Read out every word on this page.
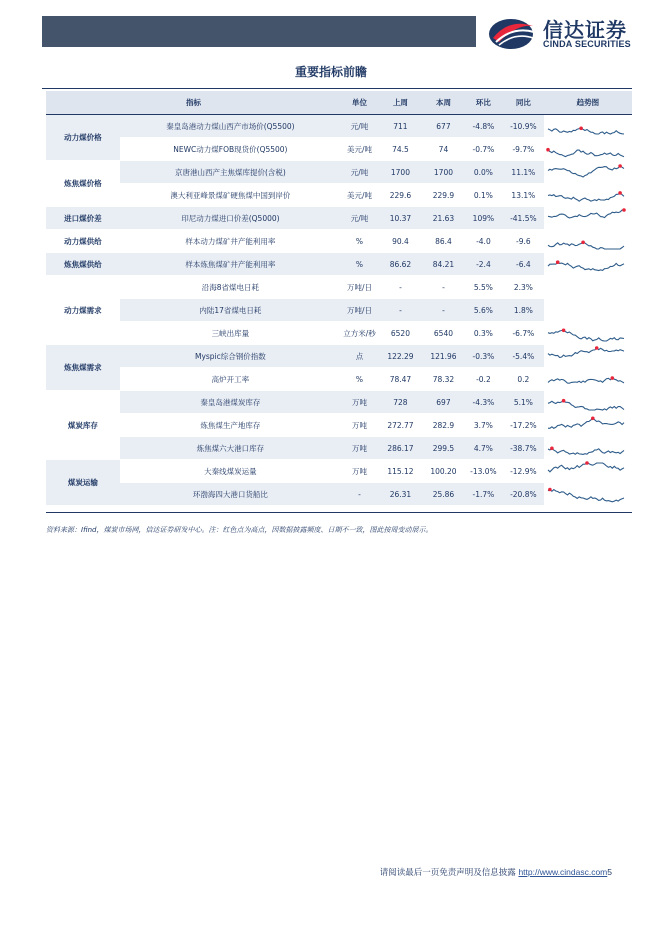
信达证券
CINDA SECURITIES
重要指标前瞻
指标		单位	上周	本周	环比	同比	趋势图
动力煤价格	秦皇岛港动力煤山西产市场价(Q5500)	元/吨	711	677	-4.8%	-10.9%	

	NEWC动力煤FOB现货价(Q5500)	美元/吨	74.5	74	-0.7%	-9.7%	

炼焦煤价格	京唐港山西产主焦煤库提价(含税)	元/吨	1700	1700	0.0%	11.1%	

	澳大利亚峰景煤矿硬焦煤中国到岸价	美元/吨	229.6	229.9	0.1%	13.1%	

进口煤价差	印尼动力煤进口价差(Q5000)	元/吨	10.37	21.63	109%	-41.5%	

动力煤供给	样本动力煤矿井产能利用率	%	90.4	86.4	-4.0	-9.6	

炼焦煤供给	样本炼焦煤矿井产能利用率	%	86.62	84.21	-2.4	-6.4	

动力煤需求	沿海8省煤电日耗	万吨/日	-	-	5.5%	2.3%	
	内陆17省煤电日耗	万吨/日	-	-	5.6%	1.8%	
	三峡出库量	立方米/秒	6520	6540	0.3%	-6.7%	

炼焦煤需求	Myspic综合钢价指数	点	122.29	121.96	-0.3%	-5.4%	

	高炉开工率	%	78.47	78.32	-0.2	0.2	

煤炭库存	秦皇岛港煤炭库存	万吨	728	697	-4.3%	5.1%	

	炼焦煤生产地库存	万吨	272.77	282.9	3.7%	-17.2%	

	炼焦煤六大港口库存	万吨	286.17	299.5	4.7%	-38.7%	

煤炭运输	大秦线煤炭运量	万吨	115.12	100.20	-13.0%	-12.9%	

	环渤海四大港口货船比	-	26.31	25.86	-1.7%	-20.8%	
资料来源：Ifind，煤炭市场网，信达证券研发中心。注：红色点为高点，因数据披露频度、日期不一致，图此按周变动展示。
请阅读最后一页免责声明及信息披露 http://www.cindasc.com5
